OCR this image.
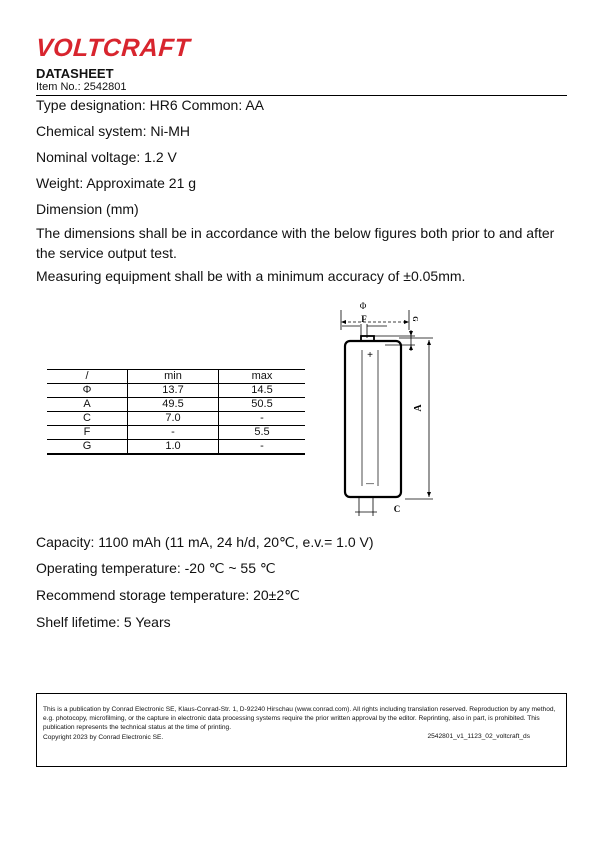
VOLTCRAFT
DATASHEET
Item No.: 2542801
Type designation: HR6 Common: AA
Chemical system: Ni-MH
Nominal voltage: 1.2 V
Weight: Approximate 21 g
Dimension (mm)
The dimensions shall be in accordance with the below figures both prior to and after the service output test.
Measuring equipment shall be with a minimum accuracy of ±0.05mm.
/	min	max
Φ	13.7	14.5
A	49.5	50.5
C	7.0	-
F	-	5.5
G	1.0	-
Φ
F	G
A
C
+
—
Capacity: 1100 mAh (11 mA, 24 h/d, 20℃, e.v.= 1.0 V)
Operating temperature: -20 ℃ ~ 55 ℃
Recommend storage temperature: 20±2℃
Shelf lifetime: 5 Years
This is a publication by Conrad Electronic SE, Klaus-Conrad-Str. 1, D-92240 Hirschau (www.conrad.com). All rights including translation reserved. Reproduction by any method,
e.g. photocopy, microfilming, or the capture in electronic data processing systems require the prior written approval by the editor. Reprinting, also in part, is prohibited. This
publication represents the technical status at the time of printing.
Copyright 2023 by Conrad Electronic SE.	2542801_v1_1123_02_voltcraft_ds
